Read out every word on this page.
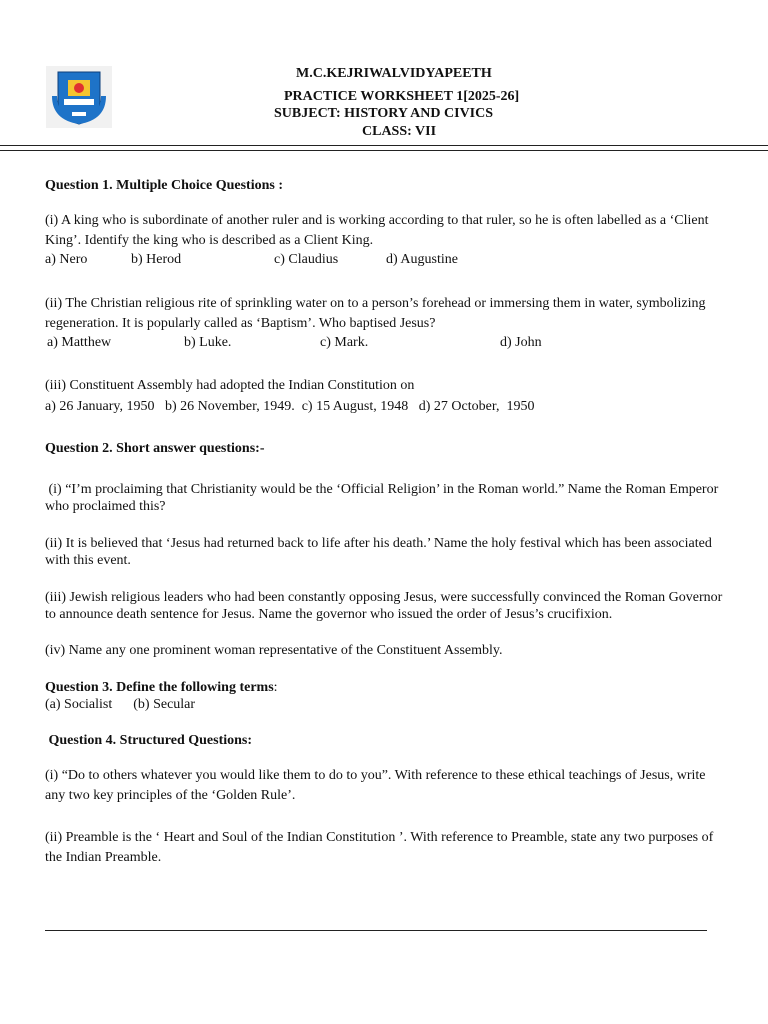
M.C.KEJRIWALVIDYAPEETH
PRACTICE WORKSHEET 1[2025-26]
SUBJECT: HISTORY AND CIVICS
CLASS: VII
Question 1. Multiple Choice Questions :
(i) A king who is subordinate of another ruler and is working according to that ruler, so he is often labelled as a ‘Client King’. Identify the king who is described as a Client King.
a) Nero	b) Herod	c) Claudius	d) Augustine
(ii) The Christian religious rite of sprinkling water on to a person’s forehead or immersing them in water, symbolizing regeneration. It is popularly called as ‘Baptism’. Who baptised Jesus?
a) Matthew	b) Luke.	c) Mark.	d) John
(iii) Constituent Assembly had adopted the Indian Constitution on
a) 26 January, 1950   b) 26 November, 1949.  c) 15 August, 1948   d) 27 October,  1950
Question 2. Short answer questions:-
(i) “I’m proclaiming that Christianity would be the ‘Official Religion’ in the Roman world.” Name the Roman Emperor who proclaimed this?
(ii) It is believed that ‘Jesus had returned back to life after his death.’ Name the holy festival which has been associated with this event.
(iii) Jewish religious leaders who had been constantly opposing Jesus, were successfully convinced the Roman Governor to announce death sentence for Jesus. Name the governor who issued the order of Jesus’s crucifixion.
(iv) Name any one prominent woman representative of the Constituent Assembly.
Question 3. Define the following terms:
(a) Socialist      (b) Secular
Question 4. Structured Questions:
(i) “Do to others whatever you would like them to do to you”. With reference to these ethical teachings of Jesus, write any two key principles of the ‘Golden Rule’.
(ii) Preamble is the ‘ Heart and Soul of the Indian Constitution ’. With reference to Preamble, state any two purposes of the Indian Preamble.
